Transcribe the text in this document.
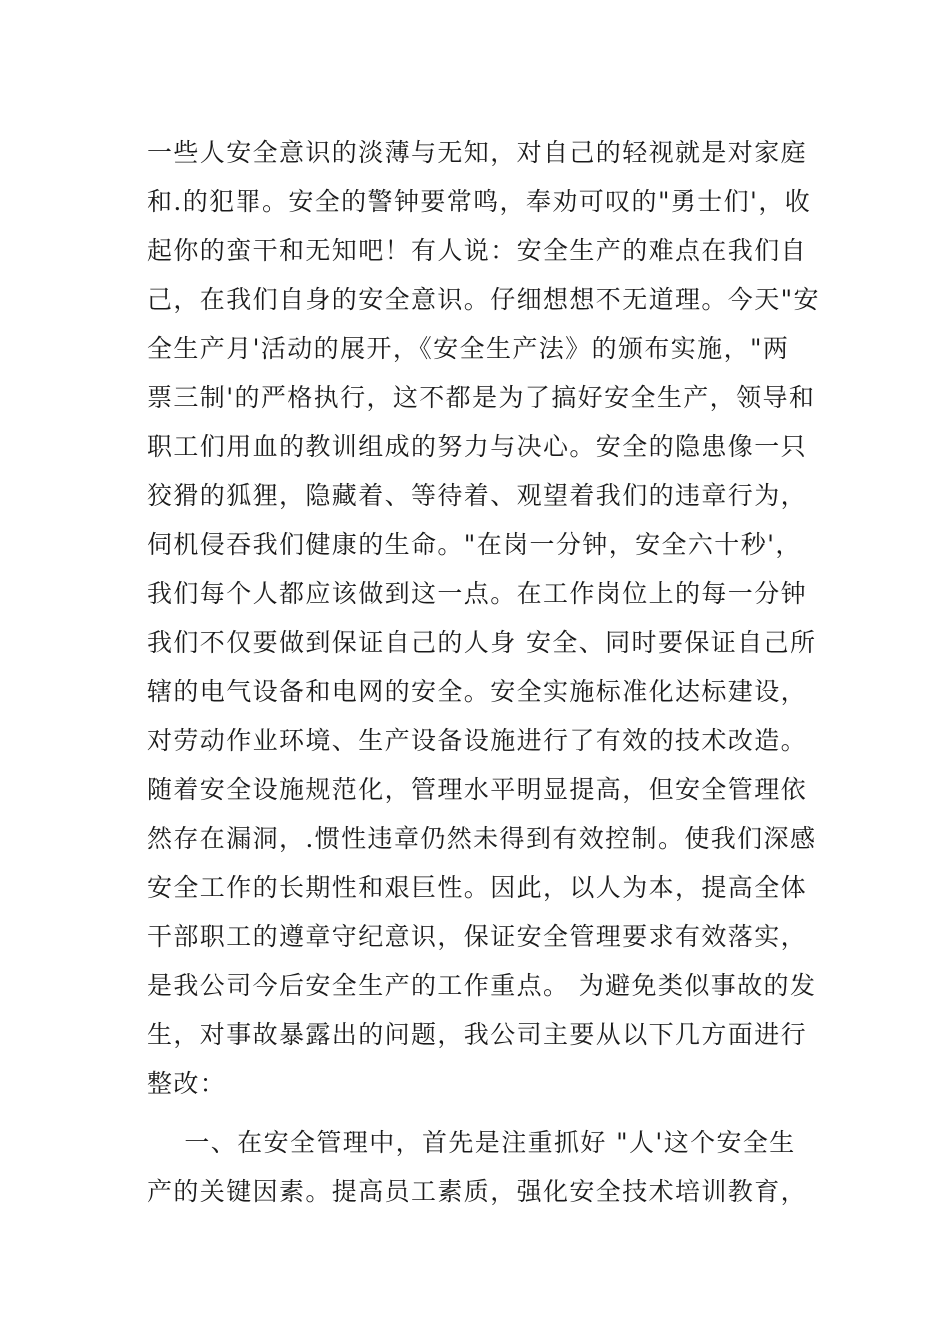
一些人安全意识的淡薄与无知，对自己的轻视就是对家庭
和.的犯罪。安全的警钟要常鸣，奉劝可叹的"勇士们'，收
起你的蛮干和无知吧！有人说：安全生产的难点在我们自
己，在我们自身的安全意识。仔细想想不无道理。今天"安
全生产月'活动的展开，《安全生产法》的颁布实施，"两
票三制'的严格执行，这不都是为了搞好安全生产，领导和
职工们用血的教训组成的努力与决心。安全的隐患像一只
狡猾的狐狸，隐藏着、等待着、观望着我们的违章行为，
伺机侵吞我们健康的生命。"在岗一分钟，安全六十秒'，
我们每个人都应该做到这一点。在工作岗位上的每一分钟
我们不仅要做到保证自己的人身 安全、同时要保证自己所
辖的电气设备和电网的安全。安全实施标准化达标建设，
对劳动作业环境、生产设备设施进行了有效的技术改造。
随着安全设施规范化，管理水平明显提高，但安全管理依
然存在漏洞，.惯性违章仍然未得到有效控制。使我们深感
安全工作的长期性和艰巨性。因此，以人为本，提高全体
干部职工的遵章守纪意识，保证安全管理要求有效落实，
是我公司今后安全生产的工作重点。 为避免类似事故的发
生，对事故暴露出的问题，我公司主要从以下几方面进行
整改：
一、在安全管理中，首先是注重抓好 "人'这个安全生
产的关键因素。提高员工素质，强化安全技术培训教育，
